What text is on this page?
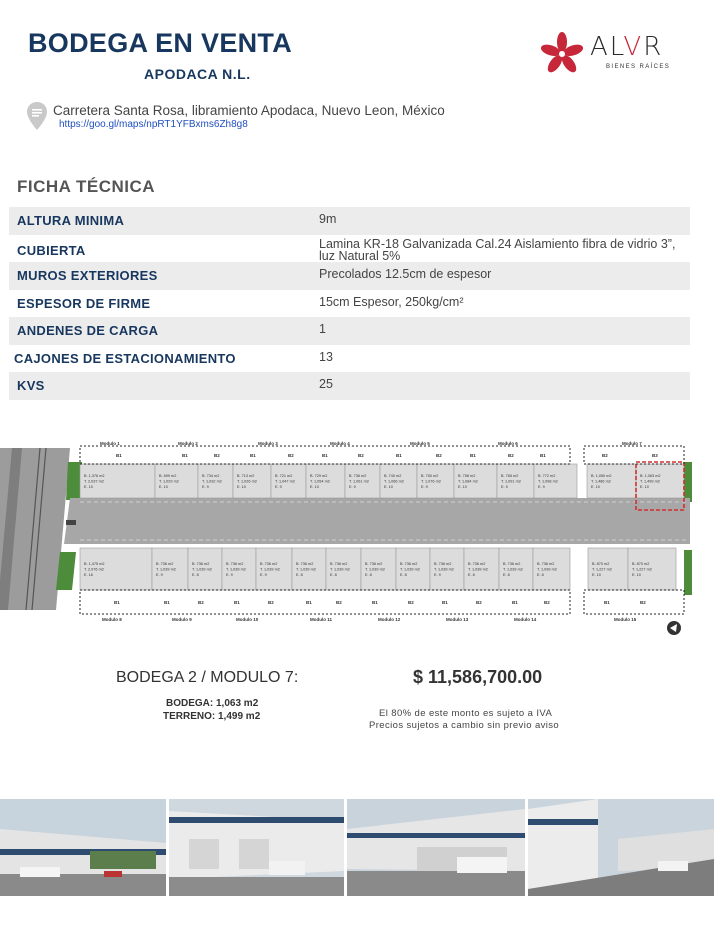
BODEGA EN VENTA
APODACA N.L.
ALVR
BIENES RAÍCES
Carretera Santa Rosa, libramiento Apodaca, Nuevo Leon, México
https://goo.gl/maps/npRT1YFBxms6Zh8g8
FICHA TÉCNICA
ALTURA MINIMA	9m
CUBIERTA	Lamina KR-18 Galvanizada Cal.24 Aislamiento fibra de vidrio 3”, luz Natural 5%
MUROS EXTERIORES	Precolados 12.5cm de espesor
ESPESOR DE FIRME	15cm Espesor, 250kg/cm²
ANDENES DE CARGA	1
CAJONES DE ESTACIONAMIENTO	13
KVS	25
B. 1,376 m2
T. 2,037 m2
E. 10
B. 699 m2
T. 1,029 m2
E. 10
B. 734 m2
T. 1,032 m2
E. 9
B. 713 m2
T. 1,026 m2
E. 10
B. 721 m2
T. 1,047 m2
E. 9
B. 729 m2
T. 1,054 m2
E. 10
B. 736 m2
T. 1,061 m2
E. 9
B. 740 m2
T. 1,066 m2
E. 10
B. 750 m2
T. 1,076 m2
E. 9
B. 758 m2
T. 1,084 m2
E. 10
B. 765 m2
T. 1,091 m2
E. 9
B. 772 m2
T. 1,098 m2
E. 9
B. 1,050 m2
T. 1,486 m2
E. 10
B. 1,063 m2
T. 1,499 m2
E. 10
B. 1,475 m2
T. 2,076 m2
E. 16
B. 736 m2
T. 1,039 m2
E. 9
B. 736 m2
T. 1,039 m2
E. 8
B. 736 m2
T. 1,039 m2
E. 9
B. 736 m2
T. 1,039 m2
E. 9
B. 736 m2
T. 1,039 m2
E. 8
B. 736 m2
T. 1,039 m2
E. 8
B. 736 m2
T. 1,039 m2
E. 8
B. 736 m2
T. 1,039 m2
E. 8
B. 736 m2
T. 1,039 m2
E. 9
B. 736 m2
T. 1,039 m2
E. 8
B. 736 m2
T. 1,039 m2
E. 8
B. 736 m2
T. 1,039 m2
E. 8
B. 870 m2
T. 1,227 m2
E. 10
B. 870 m2
T. 1,227 m2
E. 10
Modulo 1	Modulo 2	Modulo 3	Modulo 4	Modulo 5	Modulo 6	Modulo 7
B1	B1	B2	B1	B2	B1	B2	B1	B2	B1	B2	B1	B2	B3
Modulo 8	Modulo 9	Modulo 10	Modulo 11	Modulo 12	Modulo 13	Modulo 14	Modulo 15
B1	B1	B2	B1	B2	B1	B2	B1	B2	B1	B2	B1	B2	B1	B2
BODEGA 2 / MODULO 7:	$ 11,586,700.00
BODEGA: 1,063 m2
TERRENO: 1,499 m2	El 80% de este monto es sujeto a IVA
Precios sujetos a cambio sin previo aviso
